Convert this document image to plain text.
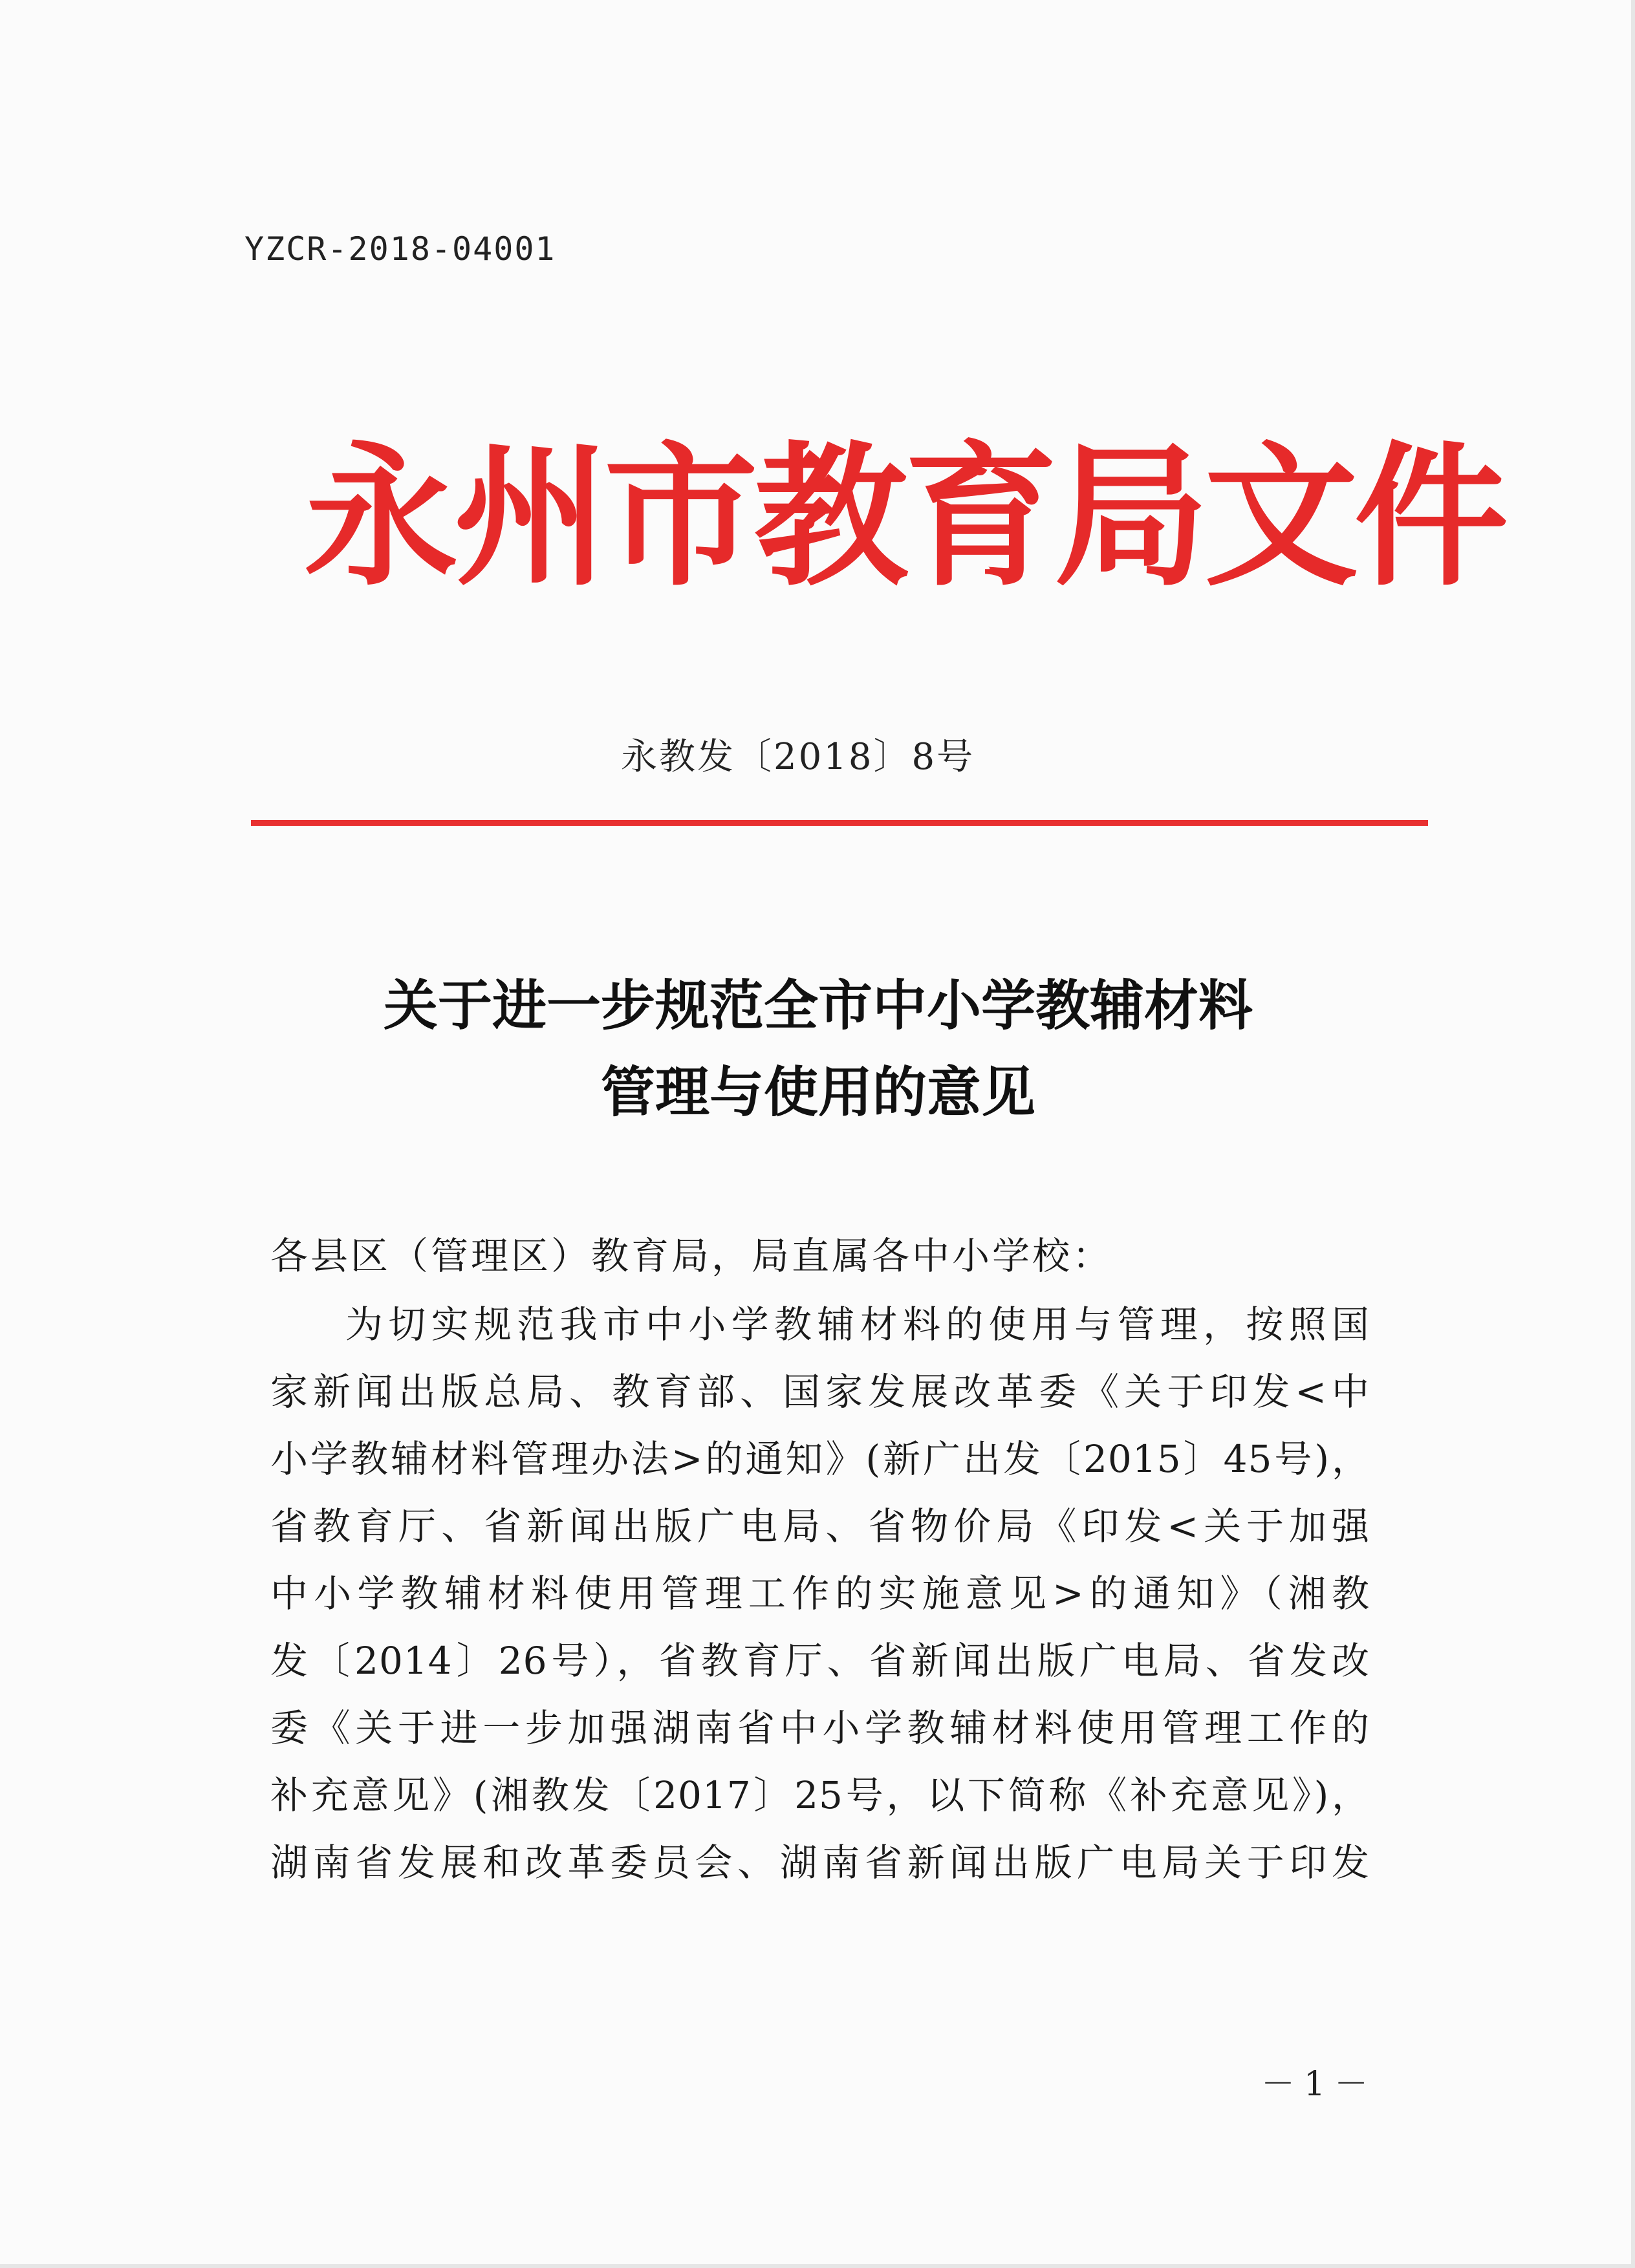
YZCR-2018-04001
永州市教育局文件
永教发〔2018〕8号
关于进一步规范全市中小学教辅材料
管理与使用的意见
各县区（管理区）教育局，局直属各中小学校：
为切实规范我市中小学教辅材料的使用与管理，按照国
家新闻出版总局、教育部、国家发展改革委《关于印发<中
小学教辅材料管理办法>的通知》(新广出发〔2015〕45号)，
省教育厅、省新闻出版广电局、省物价局《印发<关于加强
中小学教辅材料使用管理工作的实施意见>的通知》（湘教
发〔2014〕26号），省教育厅、省新闻出版广电局、省发改
委《关于进一步加强湖南省中小学教辅材料使用管理工作的
补充意见》(湘教发〔2017〕25号，以下简称《补充意见》)，
湖南省发展和改革委员会、湖南省新闻出版广电局关于印发
－1－
